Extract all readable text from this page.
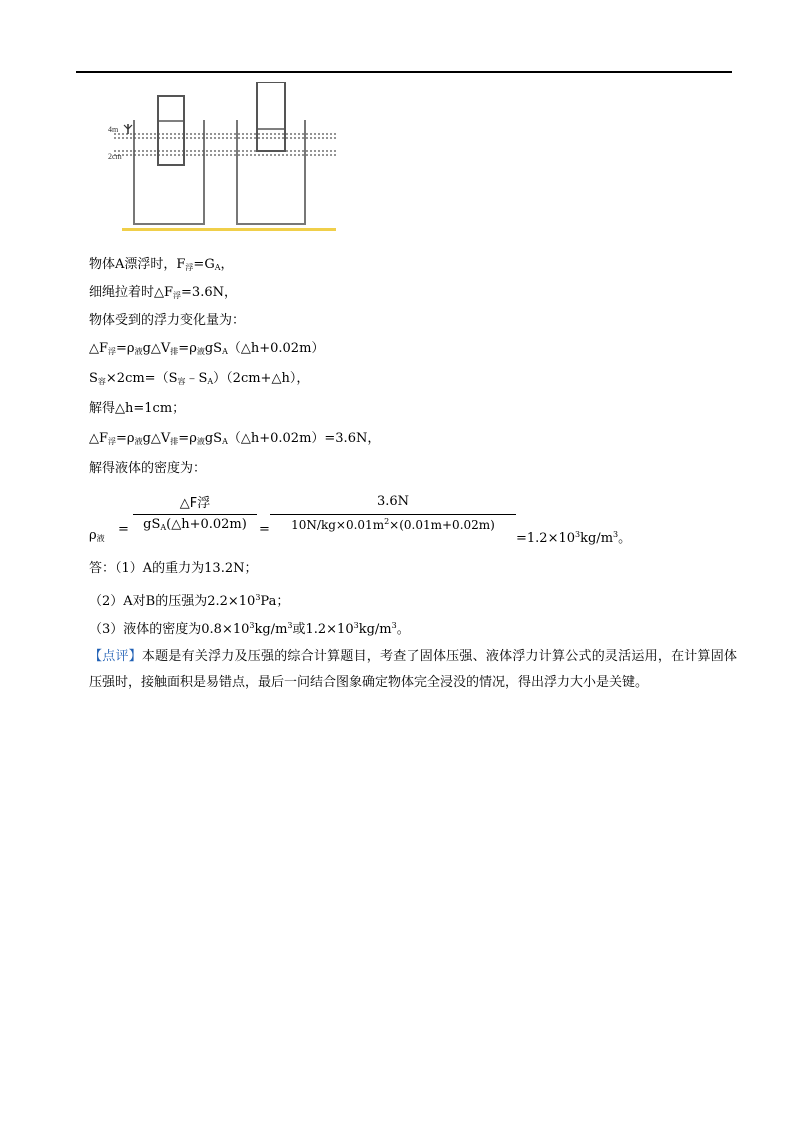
4m
2cm
物体A漂浮时，$F_浮=G_A$，
细绳拉着时$\triangle F_浮=3.6N$，
物体受到的浮力变化量为：
$\triangle F_浮=\rho_液g\triangle V_排=\rho_液gS_A(\triangle h+0.02m)$
$S_容\times 2cm=(S_容﹣S_A)(2cm+\triangle h)$，
解得△h=1cm；
$\triangle F_浮=\rho_液g\triangle V_排=\rho_液gS_A(\triangle h+0.02m)=3.6N$，
解得液体的密度为：
$\rho_液$
=
△F浮
$gS_A(\triangle h+0.02m)$ =
3.6N
$10N/kg\times 0.01m^2\times(0.01m+0.02m)$
$=1.2\times 10^3kg/m^3$。
答：（1）A的重力为13.2N；
（2）A对B的压强为$2.2\times 10^3Pa$；
（3）液体的密度为$0.8\times 10^3kg/m^3$或$1.2\times 10^3kg/m^3$。
【点评】本题是有关浮力及压强的综合计算题目，考查了固体压强、液体浮力计算公式的灵活运用，在计算固体压强时，接触面积是易错点，最后一问结合图象确定物体完全浸没的情况，得出浮力大小是关键。
